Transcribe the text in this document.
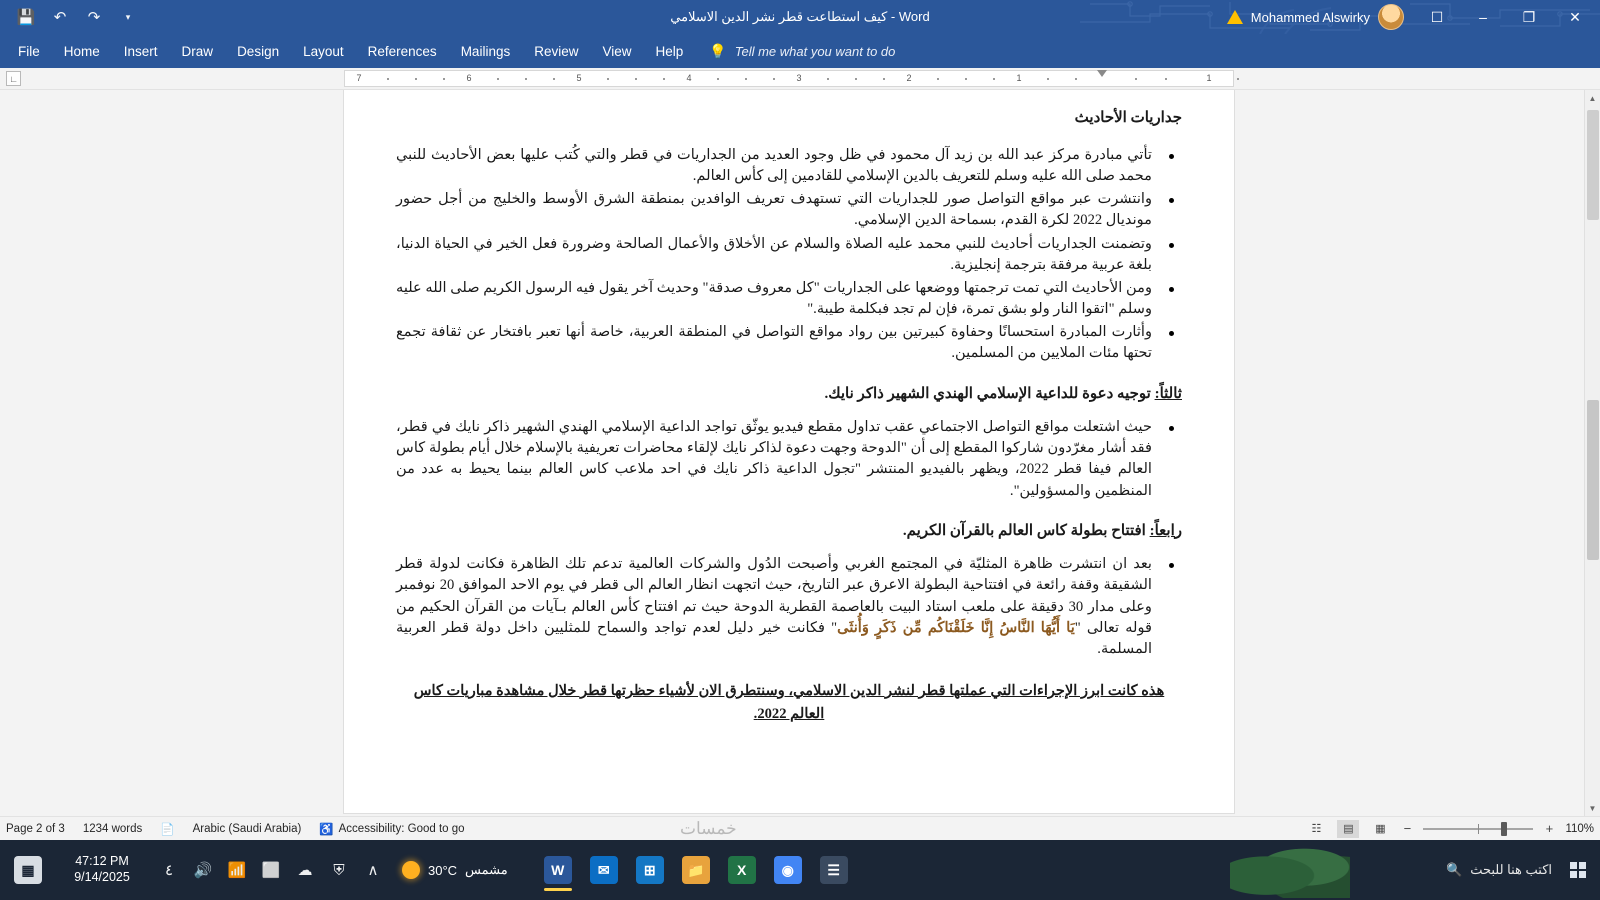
💾 ↶ ↷	▾	كيف استطاعت قطر نشر الدين الاسلامي - Word	Mohammed Alswirky	☐	–	❐	✕
File	Home	Insert	Draw	Design	Layout	References	Mailings	Review	View	Help	💡 Tell me what you want to do
∟	7	6	5	4	3	2	1	1
جداريات الأحاديث
تأتي مبادرة مركز عبد الله بن زيد آل محمود في ظل وجود العديد من الجداريات في قطر والتي كُتب عليها بعض الأحاديث للنبي محمد صلى الله عليه وسلم للتعريف بالدين الإسلامي للقادمين إلى كأس العالم.
وانتشرت عبر مواقع التواصل صور للجداريات التي تستهدف تعريف الوافدين بمنطقة الشرق الأوسط والخليج من أجل حضور مونديال 2022 لكرة القدم، بسماحة الدين الإسلامي.
وتضمنت الجداريات أحاديث للنبي محمد عليه الصلاة والسلام عن الأخلاق والأعمال الصالحة وضرورة فعل الخير في الحياة الدنيا، بلغة عربية مرفقة بترجمة إنجليزية.
ومن الأحاديث التي تمت ترجمتها ووضعها على الجداريات "كل معروف صدقة" وحديث آخر يقول فيه الرسول الكريم صلى الله عليه وسلم "اتقوا النار ولو بشق تمرة، فإن لم تجد فبكلمة طيبة."
وأثارت المبادرة استحسانًا وحفاوة كبيرتين بين رواد مواقع التواصل في المنطقة العربية، خاصة أنها تعبر بافتخار عن ثقافة تجمع تحتها مئات الملايين من المسلمين.
ثالثاً: توجيه دعوة للداعية الإسلامي الهندي الشهير ذاكر نايك.
حيث اشتعلت مواقع التواصل الاجتماعي عقب تداول مقطع فيديو يوثّق تواجد الداعية الإسلامي الهندي الشهير ذاكر نايك في قطر، فقد أشار مغرّدون شاركوا المقطع إلى أن "الدوحة وجهت دعوة لذاكر نايك لإلقاء محاضرات تعريفية بالإسلام خلال أيام بطولة كاس العالم فيفا قطر 2022، ويظهر بالفيديو المنتشر "تجول الداعية ذاكر نايك في احد ملاعب كاس العالم بينما يحيط به عدد من المنظمين والمسؤولين".
رابعاً: افتتاح بطولة كاس العالم بالقرآن الكريم.
بعد ان انتشرت ظاهرة المثليّة في المجتمع الغربي وأصبحت الدُول والشركات العالمية تدعم تلك الظاهرة فكانت لدولة قطر الشقيقة وقفة رائعة في افتتاحية البطولة الاعرق عبر التاريخ، حيث اتجهت انظار العالم الى قطر في يوم الاحد الموافق 20 نوفمبر وعلى مدار 30 دقيقة على ملعب استاد البيت بالعاصمة القطرية الدوحة حيث تم افتتاح كأس العالم بـآيات من القرآن الحكيم من قوله تعالى "يَا أَيُّهَا النَّاسُ إِنَّا خَلَقْنَاكُم مِّن ذَكَرٍ وَأُنثَى" فكانت خير دليل لعدم تواجد والسماح للمثليين داخل دولة قطر العربية المسلمة.
هذه كانت ابرز الإجراءات التي عملتها قطر لنشر الدين الاسلامي، وسنتطرق الان لأشياء حظرتها قطر خلال مشاهدة مباريات كاس العالم 2022.
▲
▼
Page 2 of 3 1234 words 📄 Arabic (Saudi Arabia) ♿ Accessibility: Good to go	خمسات	☷	▤	▦	−	+ 110%
▦
47:12 PM
9/14/2025	٤	🔊	📶	⬜	☁	⛨	∧	30°C مشمس	W	✉	⊞	📁	X	◉	☰	اكتب هنا للبحث
🔍
